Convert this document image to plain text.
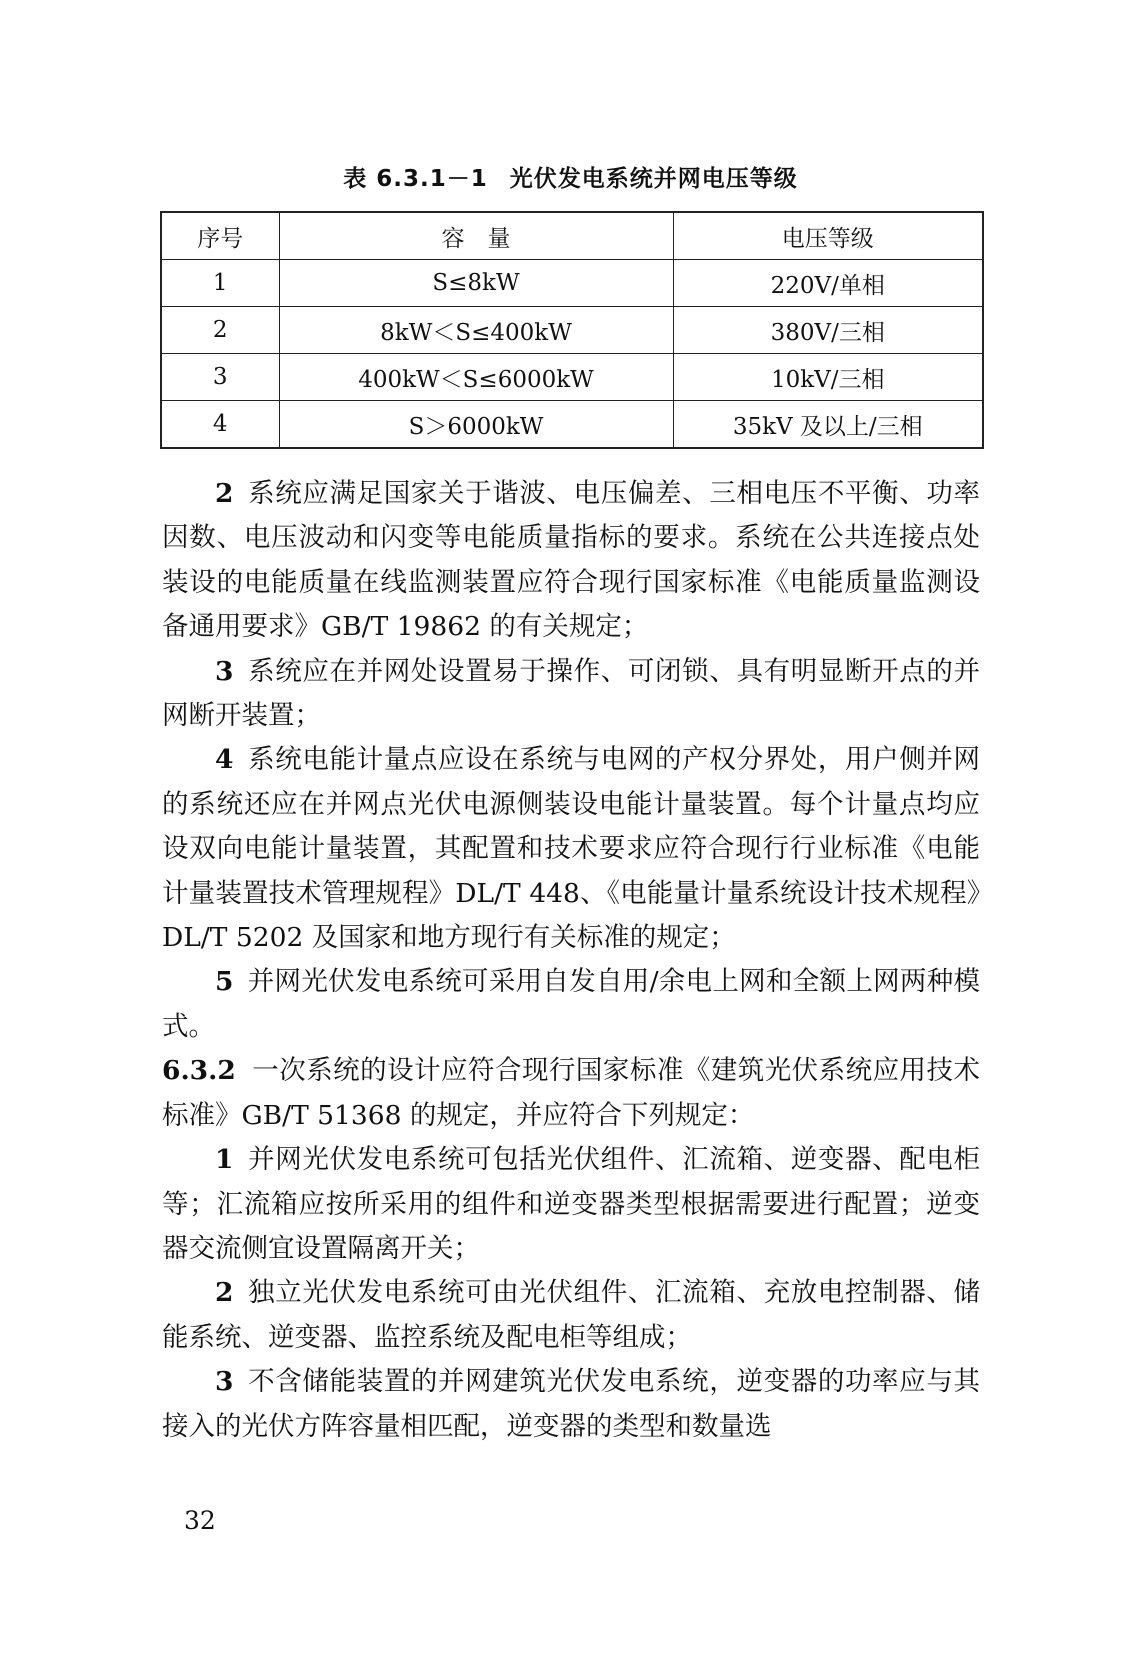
表 6.3.1－1 光伏发电系统并网电压等级
序号	容　量	电压等级
1	S≤8kW	220V/单相
2	8kW＜S≤400kW	380V/三相
3	400kW＜S≤6000kW	10kV/三相
4	S＞6000kW	35kV 及以上/三相

2 系统应满足国家关于谐波、电压偏差、三相电压不平衡、功率因数、电压波动和闪变等电能质量指标的要求。系统在公共连接点处装设的电能质量在线监测装置应符合现行国家标准《电能质量监测设备通用要求》GB/T 19862 的有关规定；

3 系统应在并网处设置易于操作、可闭锁、具有明显断开点的并网断开装置；

4 系统电能计量点应设在系统与电网的产权分界处，用户侧并网的系统还应在并网点光伏电源侧装设电能计量装置。每个计量点均应设双向电能计量装置，其配置和技术要求应符合现行行业标准《电能计量装置技术管理规程》DL/T 448、《电能量计量系统设计技术规程》DL/T 5202 及国家和地方现行有关标准的规定；

5 并网光伏发电系统可采用自发自用/余电上网和全额上网两种模式。

6.3.2 一次系统的设计应符合现行国家标准《建筑光伏系统应用技术标准》GB/T 51368 的规定，并应符合下列规定：

1 并网光伏发电系统可包括光伏组件、汇流箱、逆变器、配电柜等；汇流箱应按所采用的组件和逆变器类型根据需要进行配置；逆变器交流侧宜设置隔离开关；

2 独立光伏发电系统可由光伏组件、汇流箱、充放电控制器、储能系统、逆变器、监控系统及配电柜等组成；

3 不含储能装置的并网建筑光伏发电系统，逆变器的功率应与其接入的光伏方阵容量相匹配，逆变器的类型和数量选

32
